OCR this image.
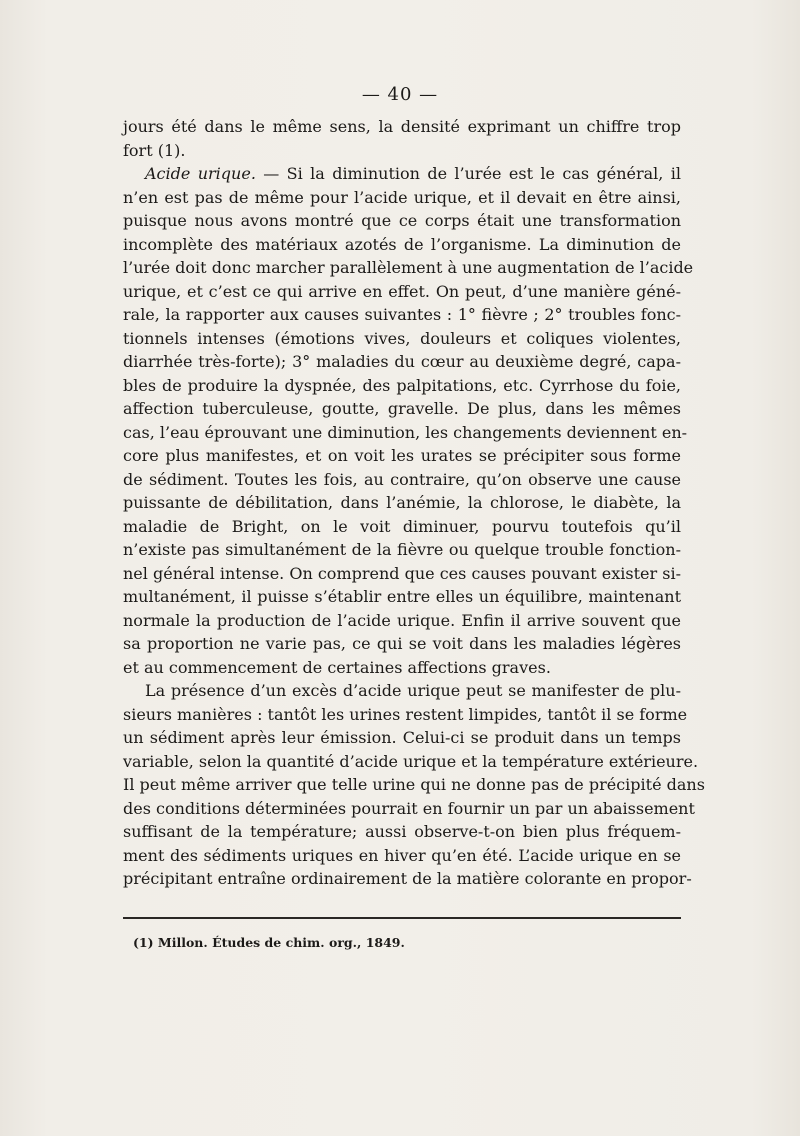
— 40 —
jours été dans le même sens, la densité exprimant un chiffre trop
fort (1).
Acide urique. — Si la diminution de l’urée est le cas général, il
n’en est pas de même pour l’acide urique, et il devait en être ainsi,
puisque nous avons montré que ce corps était une transformation
incomplète des matériaux azotés de l’organisme. La diminution de
l’urée doit donc marcher parallèlement à une augmentation de l’acide
urique, et c’est ce qui arrive en effet. On peut, d’une manière géné-
rale, la rapporter aux causes suivantes : 1° fièvre ; 2° troubles fonc-
tionnels intenses (émotions vives, douleurs et coliques violentes,
diarrhée très-forte); 3° maladies du cœur au deuxième degré, capa-
bles de produire la dyspnée, des palpitations, etc. Cyrrhose du foie,
affection tuberculeuse, goutte, gravelle. De plus, dans les mêmes
cas, l’eau éprouvant une diminution, les changements deviennent en-
core plus manifestes, et on voit les urates se précipiter sous forme
de sédiment. Toutes les fois, au contraire, qu’on observe une cause
puissante de débilitation, dans l’anémie, la chlorose, le diabète, la
maladie de Bright, on le voit diminuer, pourvu toutefois qu’il
n’existe pas simultanément de la fièvre ou quelque trouble fonction-
nel général intense. On comprend que ces causes pouvant exister si-
multanément, il puisse s’établir entre elles un équilibre, maintenant
normale la production de l’acide urique. Enfin il arrive souvent que
sa proportion ne varie pas, ce qui se voit dans les maladies légères
et au commencement de certaines affections graves.
La présence d’un excès d’acide urique peut se manifester de plu-
sieurs manières : tantôt les urines restent limpides, tantôt il se forme
un sédiment après leur émission. Celui-ci se produit dans un temps
variable, selon la quantité d’acide urique et la température extérieure.
Il peut même arriver que telle urine qui ne donne pas de précipité dans
des conditions déterminées pourrait en fournir un par un abaissement
suffisant de la température; aussi observe-t-on bien plus fréquem-
ment des sédiments uriques en hiver qu’en été. L’acide urique en se
précipitant entraîne ordinairement de la matière colorante en propor-
(1) Millon. Études de chim. org., 1849.
